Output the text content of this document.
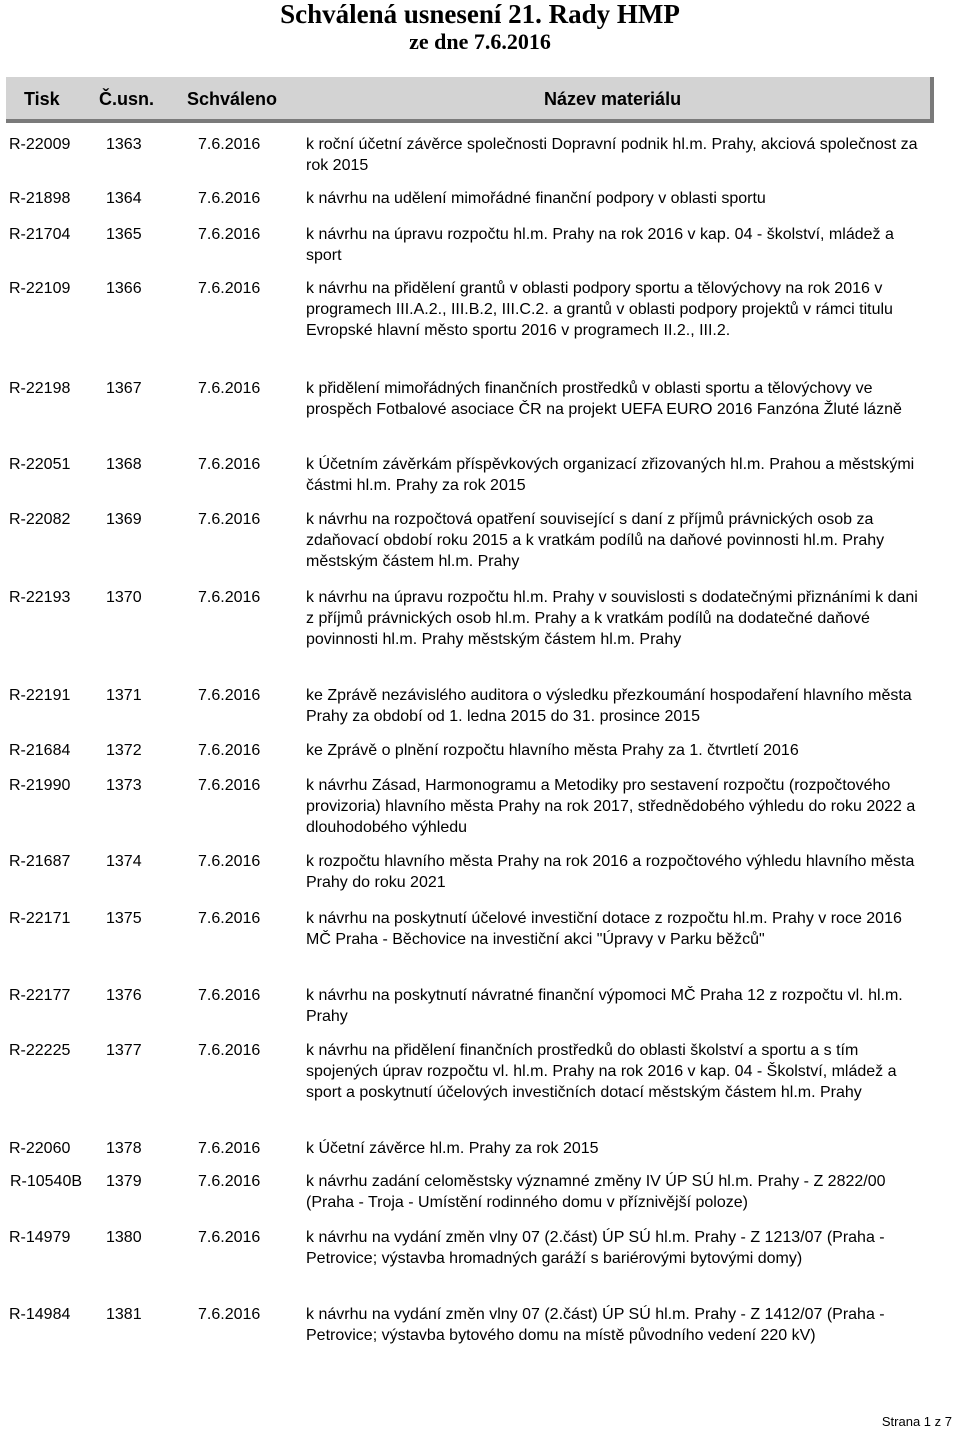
Schválená usnesení 21. Rady HMP
ze dne 7.6.2016
Tisk Č.usn. Schváleno	Název materiálu
R-22009	1363	7.6.2016	k roční účetní závěrce společnosti Dopravní podnik hl.m. Prahy, akciová společnost za rok 2015
R-21898	1364	7.6.2016	k návrhu na udělení mimořádné finanční podpory v oblasti sportu
R-21704	1365	7.6.2016	k návrhu na úpravu rozpočtu hl.m. Prahy na rok 2016 v kap. 04 - školství, mládež a sport
R-22109	1366	7.6.2016	k návrhu na přidělení grantů v oblasti podpory sportu a tělovýchovy na rok 2016 v programech III.A.2., III.B.2, III.C.2. a grantů v oblasti podpory projektů v rámci titulu Evropské hlavní město sportu 2016 v programech II.2., III.2.
R-22198	1367	7.6.2016	k přidělení mimořádných finančních prostředků v oblasti sportu a tělovýchovy ve prospěch Fotbalové asociace ČR na projekt UEFA EURO 2016 Fanzóna Žluté lázně
R-22051	1368	7.6.2016	k Účetním závěrkám příspěvkových organizací zřizovaných hl.m. Prahou a městskými částmi hl.m. Prahy za rok 2015
R-22082	1369	7.6.2016	k návrhu na rozpočtová opatření související s daní z příjmů právnických osob za zdaňovací období roku 2015 a k vratkám podílů na daňové povinnosti hl.m. Prahy městským částem hl.m. Prahy
R-22193	1370	7.6.2016	k návrhu na úpravu rozpočtu hl.m. Prahy v souvislosti s dodatečnými přiznáními k dani z příjmů právnických osob hl.m. Prahy a k vratkám podílů na dodatečné daňové povinnosti hl.m. Prahy městským částem hl.m. Prahy
R-22191	1371	7.6.2016	ke Zprávě nezávislého auditora o výsledku přezkoumání hospodaření hlavního města Prahy za období od 1. ledna 2015 do 31. prosince 2015
R-21684	1372	7.6.2016	ke Zprávě o plnění rozpočtu hlavního města Prahy za 1. čtvrtletí 2016
R-21990	1373	7.6.2016	k návrhu Zásad, Harmonogramu a Metodiky pro sestavení rozpočtu (rozpočtového provizoria) hlavního města Prahy na rok 2017, střednědobého výhledu do roku 2022 a dlouhodobého výhledu
R-21687	1374	7.6.2016	k rozpočtu hlavního města Prahy na rok 2016 a rozpočtového výhledu hlavního města Prahy do roku 2021
R-22171	1375	7.6.2016	k návrhu na poskytnutí účelové investiční dotace z rozpočtu hl.m. Prahy v roce 2016 MČ Praha - Běchovice na investiční akci "Úpravy v Parku běžců"
R-22177	1376	7.6.2016	k návrhu na poskytnutí návratné finanční výpomoci MČ Praha 12 z rozpočtu vl. hl.m. Prahy
R-22225	1377	7.6.2016	k návrhu na přidělení finančních prostředků do oblasti školství a sportu a s tím spojených úprav rozpočtu vl. hl.m. Prahy na rok 2016 v kap. 04 - Školství, mládež a sport a poskytnutí účelových investičních dotací městským částem hl.m. Prahy
R-22060	1378	7.6.2016	k Účetní závěrce hl.m. Prahy za rok 2015
R-10540B 1379	7.6.2016	k návrhu zadání celoměstsky významné změny IV ÚP SÚ hl.m. Prahy - Z 2822/00 (Praha - Troja - Umístění rodinného domu v příznivější poloze)
R-14979	1380	7.6.2016	k návrhu na vydání změn vlny 07 (2.část) ÚP SÚ hl.m. Prahy - Z 1213/07 (Praha - Petrovice; výstavba hromadných garáží s bariérovými bytovými domy)
R-14984	1381	7.6.2016	k návrhu na vydání změn vlny 07 (2.část) ÚP SÚ hl.m. Prahy - Z 1412/07 (Praha - Petrovice; výstavba bytového domu na místě původního vedení 220 kV)
Strana 1 z 7
